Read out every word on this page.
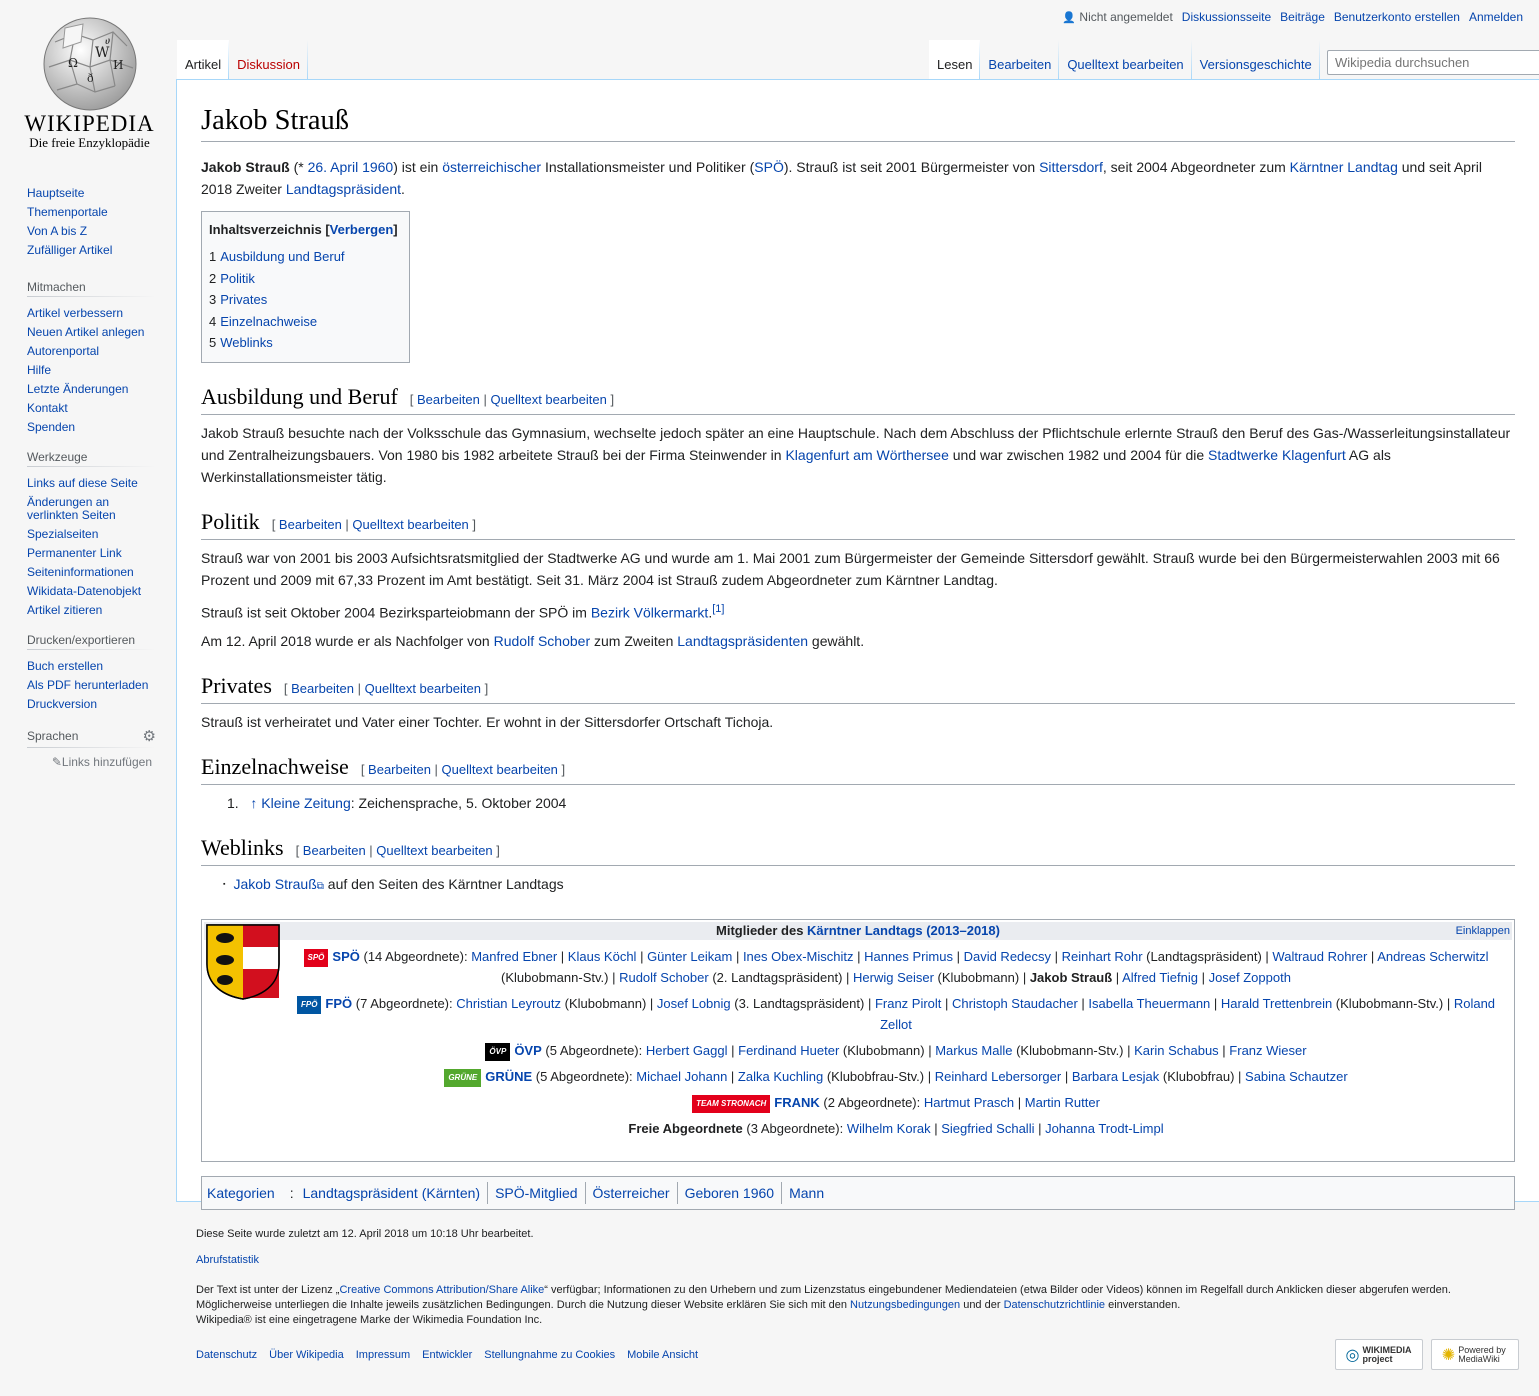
W
Ω	И
ð
ሀ
WIKIPEDIA
Die freie Enzyklopädie
👤 Nicht angemeldet Diskussionsseite Beiträge Benutzerkonto erstellen Anmelden
Artikel Diskussion	Lesen Bearbeiten Quelltext bearbeiten Versionsgeschichte
Wikipedia durchsuchen
Hauptseite
Themenportale
Von A bis Z
Zufälliger Artikel
Mitmachen
Artikel verbessern
Neuen Artikel anlegen
Autorenportal
Hilfe
Letzte Änderungen
Kontakt
Spenden
Werkzeuge
Links auf diese Seite
Änderungen an verlinkten Seiten
Spezialseiten
Permanenter Link
Seiteninformationen
Wikidata-Datenobjekt
Artikel zitieren
Drucken/exportieren
Buch erstellen
Als PDF herunterladen
Druckversion
Sprachen	⚙
✎Links hinzufügen
Jakob Strauß

Jakob Strauß (* 26. April 1960) ist ein österreichischer Installationsmeister und Politiker (SPÖ). Strauß ist seit 2001 Bürgermeister von Sittersdorf, seit 2004 Abgeordneter zum Kärntner Landtag und seit April 2018 Zweiter Landtagspräsident.

Inhaltsverzeichnis [Verbergen]
1 Ausbildung und Beruf
2 Politik
3 Privates
4 Einzelnachweise
5 Weblinks
Ausbildung und Beruf [ Bearbeiten | Quelltext bearbeiten ]

Jakob Strauß besuchte nach der Volksschule das Gymnasium, wechselte jedoch später an eine Hauptschule. Nach dem Abschluss der Pflichtschule erlernte Strauß den Beruf des Gas-/Wasserleitungsinstallateur und Zentralheizungsbauers. Von 1980 bis 1982 arbeitete Strauß bei der Firma Steinwender in Klagenfurt am Wörthersee und war zwischen 1982 und 2004 für die Stadtwerke Klagenfurt AG als Werkinstallationsmeister tätig.

Politik [ Bearbeiten | Quelltext bearbeiten ]

Strauß war von 2001 bis 2003 Aufsichtsratsmitglied der Stadtwerke AG und wurde am 1. Mai 2001 zum Bürgermeister der Gemeinde Sittersdorf gewählt. Strauß wurde bei den Bürgermeisterwahlen 2003 mit 66 Prozent und 2009 mit 67,33 Prozent im Amt bestätigt. Seit 31. März 2004 ist Strauß zudem Abgeordneter zum Kärntner Landtag.

Strauß ist seit Oktober 2004 Bezirksparteiobmann der SPÖ im Bezirk Völkermarkt.[1]

Am 12. April 2018 wurde er als Nachfolger von Rudolf Schober zum Zweiten Landtagspräsidenten gewählt.

Privates [ Bearbeiten | Quelltext bearbeiten ]

Strauß ist verheiratet und Vater einer Tochter. Er wohnt in der Sittersdorfer Ortschaft Tichoja.

Einzelnachweise [ Bearbeiten | Quelltext bearbeiten ]
1. ↑ Kleine Zeitung: Zeichensprache, 5. Oktober 2004
Weblinks [ Bearbeiten | Quelltext bearbeiten ]
▪ Jakob Strauß⧉ auf den Seiten des Kärntner Landtags
Mitglieder des Kärntner Landtags (2013–2018)	Einklappen
SPÖ SPÖ (14 Abgeordnete): Manfred Ebner | Klaus Köchl | Günter Leikam | Ines Obex-Mischitz | Hannes Primus | David Redecsy | Reinhart Rohr (Landtagspräsident) | Waltraud Rohrer | Andreas Scherwitzl (Klubobmann-Stv.) | Rudolf Schober (2. Landtagspräsident) | Herwig Seiser (Klubobmann) | Jakob Strauß | Alfred Tiefnig | Josef Zoppoth
FPÖ FPÖ (7 Abgeordnete): Christian Leyroutz (Klubobmann) | Josef Lobnig (3. Landtagspräsident) | Franz Pirolt | Christoph Staudacher | Isabella Theuermann | Harald Trettenbrein (Klubobmann-Stv.) | Roland Zellot
ÖVP ÖVP (5 Abgeordnete): Herbert Gaggl | Ferdinand Hueter (Klubobmann) | Markus Malle (Klubobmann-Stv.) | Karin Schabus | Franz Wieser
GRÜNE GRÜNE (5 Abgeordnete): Michael Johann | Zalka Kuchling (Klubobfrau-Stv.) | Reinhard Lebersorger | Barbara Lesjak (Klubobfrau) | Sabina Schautzer
TEAM STRONACH FRANK (2 Abgeordnete): Hartmut Prasch | Martin Rutter
Freie Abgeordnete (3 Abgeordnete): Wilhelm Korak | Siegfried Schalli | Johanna Trodt-Limpl
Kategorien	: Landtagspräsident (Kärnten)	SPÖ-Mitglied	Österreicher	Geboren 1960	Mann
Diese Seite wurde zuletzt am 12. April 2018 um 10:18 Uhr bearbeitet.
Abrufstatistik
Der Text ist unter der Lizenz „Creative Commons Attribution/Share Alike“ verfügbar; Informationen zu den Urhebern und zum Lizenzstatus eingebundener Mediendateien (etwa Bilder oder Videos) können im Regelfall durch Anklicken dieser abgerufen werden.
Möglicherweise unterliegen die Inhalte jeweils zusätzlichen Bedingungen. Durch die Nutzung dieser Website erklären Sie sich mit den Nutzungsbedingungen und der Datenschutzrichtlinie einverstanden.
Wikipedia® ist eine eingetragene Marke der Wikimedia Foundation Inc.
Datenschutz Über Wikipedia Impressum Entwickler Stellungnahme zu Cookies Mobile Ansicht	◎ WIKIMEDIA project	✺ Powered by MediaWiki
